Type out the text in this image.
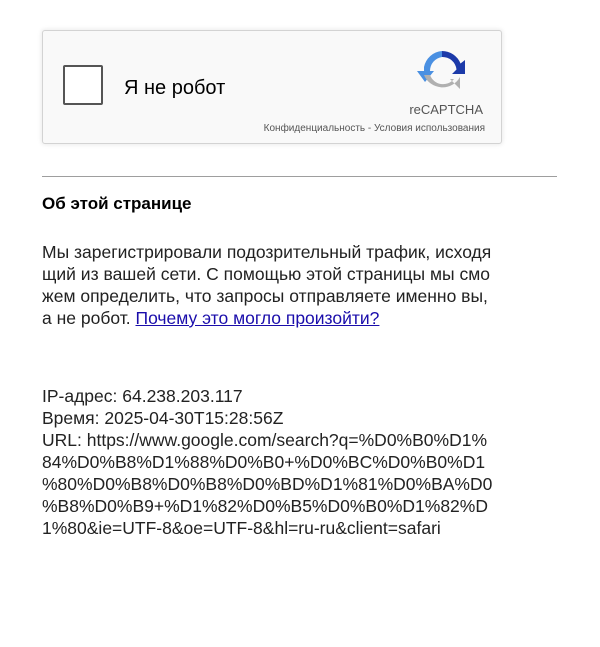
Я не робот
reCAPTCHA
Конфиденциальность - Условия использования
Об этой странице

Мы зарегистрировали подозрительный трафик, исходя
щий из вашей сети. С помощью этой страницы мы смо
жем определить, что запросы отправляете именно вы,
а не робот. Почему это могло произойти?

IP-адрес: 64.238.203.117
Время: 2025-04-30T15:28:56Z
URL: https://www.google.com/search?q=%D0%B0%D1%
84%D0%B8%D1%88%D0%B0+%D0%BC%D0%B0%D1
%80%D0%B8%D0%B8%D0%BD%D1%81%D0%BA%D0
%B8%D0%B9+%D1%82%D0%B5%D0%B0%D1%82%D
1%80&ie=UTF-8&oe=UTF-8&hl=ru-ru&client=safari
